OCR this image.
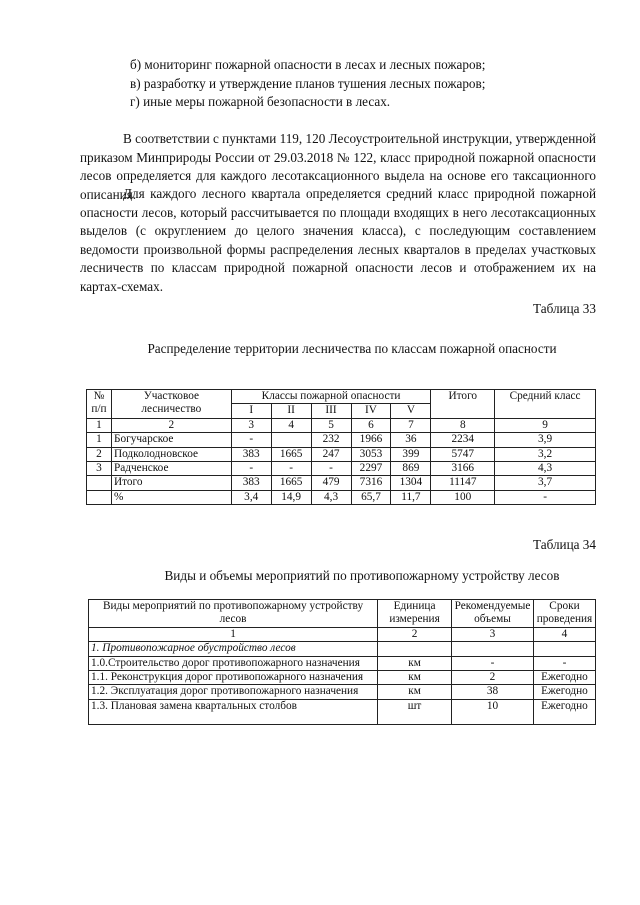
б) мониторинг пожарной опасности в лесах и лесных пожаров;

в) разработку и утверждение планов тушения лесных пожаров;

г) иные меры пожарной безопасности в лесах.

В соответствии с пунктами 119, 120 Лесоустроительной инструкции, утвержденной приказом Минприроды России от 29.03.2018 № 122, класс природной пожарной опасности лесов определяется для каждого лесотаксационного выдела на основе его таксационного описания.

Для каждого лесного квартала определяется средний класс природной пожарной опасности лесов, который рассчитывается по площади входящих в него лесотаксационных выделов (с округлением до целого значения класса), с последующим составлением ведомости произвольной формы распределения лесных кварталов в пределах участковых лесничеств по классам природной пожарной опасности лесов и отображением их на картах-схемах.

Таблица 33

Распределение территории лесничества по классам пожарной опасности

№ п/п	Участковое лесничество	Классы пожарной опасности					Итого	Средний класс
		I	II	III	IV	V		
1	2	3	4	5	6	7	8	9
1	Богучарское	-		232	1966	36	2234	3,9
2	Подколодновское	383	1665	247	3053	399	5747	3,2
3	Радченское	-	-	-	2297	869	3166	4,3
	Итого	383	1665	479	7316	1304	11147	3,7
	%	3,4	14,9	4,3	65,7	11,7	100	-

Таблица 34

Виды и объемы мероприятий по противопожарному устройству лесов

Виды мероприятий по противопожарному устройству лесов	Единица измерения	Рекомендуемые объемы	Сроки проведения
1	2	3	4
1. Противопожарное обустройство лесов			
1.0.Строительство дорог противопожарного назначения	км	-	-
1.1. Реконструкция дорог противопожарного назначения	км	2	Ежегодно
1.2. Эксплуатация дорог противопожарного назначения	км	38	Ежегодно
1.3. Плановая замена квартальных столбов	шт	10	Ежегодно
